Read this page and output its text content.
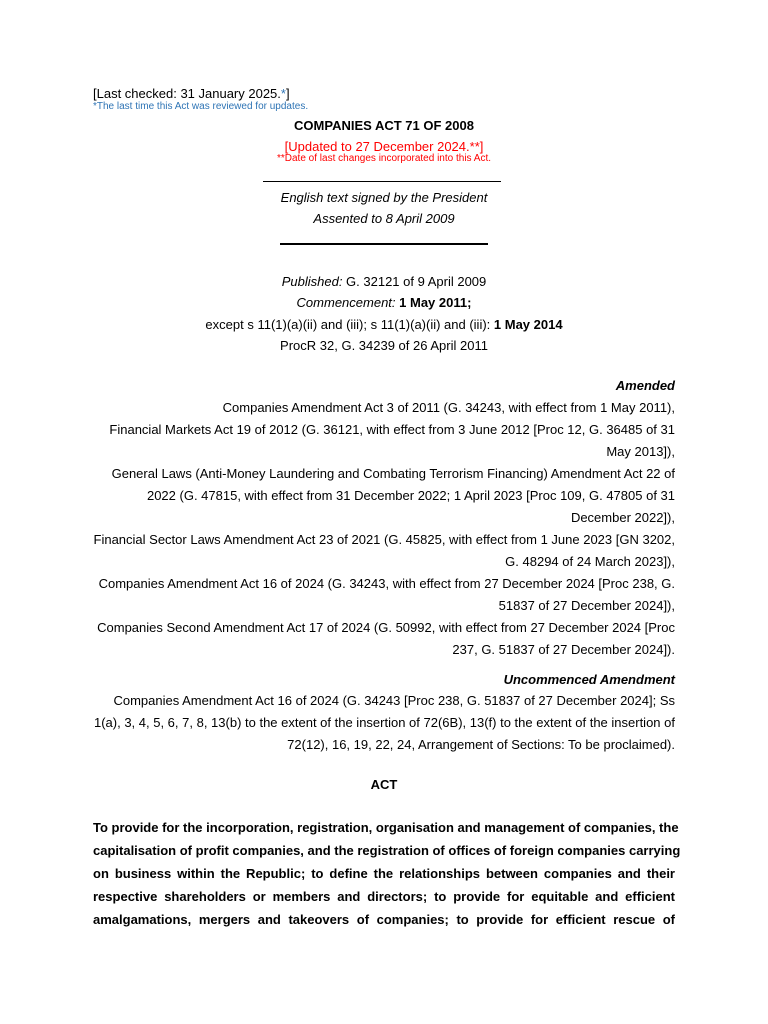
[Last checked: 31 January 2025.*]
*The last time this Act was reviewed for updates.
COMPANIES ACT 71 OF 2008
[Updated to 27 December 2024.**]
**Date of last changes incorporated into this Act.
English text signed by the President
Assented to 8 April 2009
Published: G. 32121 of 9 April 2009
Commencement: 1 May 2011;
except s 11(1)(a)(ii) and (iii); s 11(1)(a)(ii) and (iii): 1 May 2014
ProcR 32, G. 34239 of 26 April 2011
Amended
Companies Amendment Act 3 of 2011 (G. 34243, with effect from 1 May 2011),
Financial Markets Act 19 of 2012 (G. 36121, with effect from 3 June 2012 [Proc 12, G. 36485 of 31
May 2013]),
General Laws (Anti-Money Laundering and Combating Terrorism Financing) Amendment Act 22 of
2022 (G. 47815, with effect from 31 December 2022; 1 April 2023 [Proc 109, G. 47805 of 31
December 2022]),
Financial Sector Laws Amendment Act 23 of 2021 (G. 45825, with effect from 1 June 2023 [GN 3202,
G. 48294 of 24 March 2023]),
Companies Amendment Act 16 of 2024 (G. 34243, with effect from 27 December 2024 [Proc 238, G.
51837 of 27 December 2024]),
Companies Second Amendment Act 17 of 2024 (G. 50992, with effect from 27 December 2024 [Proc
237, G. 51837 of 27 December 2024]).
Uncommenced Amendment
Companies Amendment Act 16 of 2024 (G. 34243 [Proc 238, G. 51837 of 27 December 2024]; Ss
1(a), 3, 4, 5, 6, 7, 8, 13(b) to the extent of the insertion of 72(6B), 13(f) to the extent of the insertion of
72(12), 16, 19, 22, 24, Arrangement of Sections: To be proclaimed).
ACT
To provide for the incorporation, registration, organisation and management of companies, the
capitalisation of profit companies, and the registration of offices of foreign companies carrying
on business within the Republic; to define the relationships between companies and their
respective shareholders or members and directors; to provide for equitable and efficient
amalgamations, mergers and takeovers of companies; to provide for efficient rescue of
